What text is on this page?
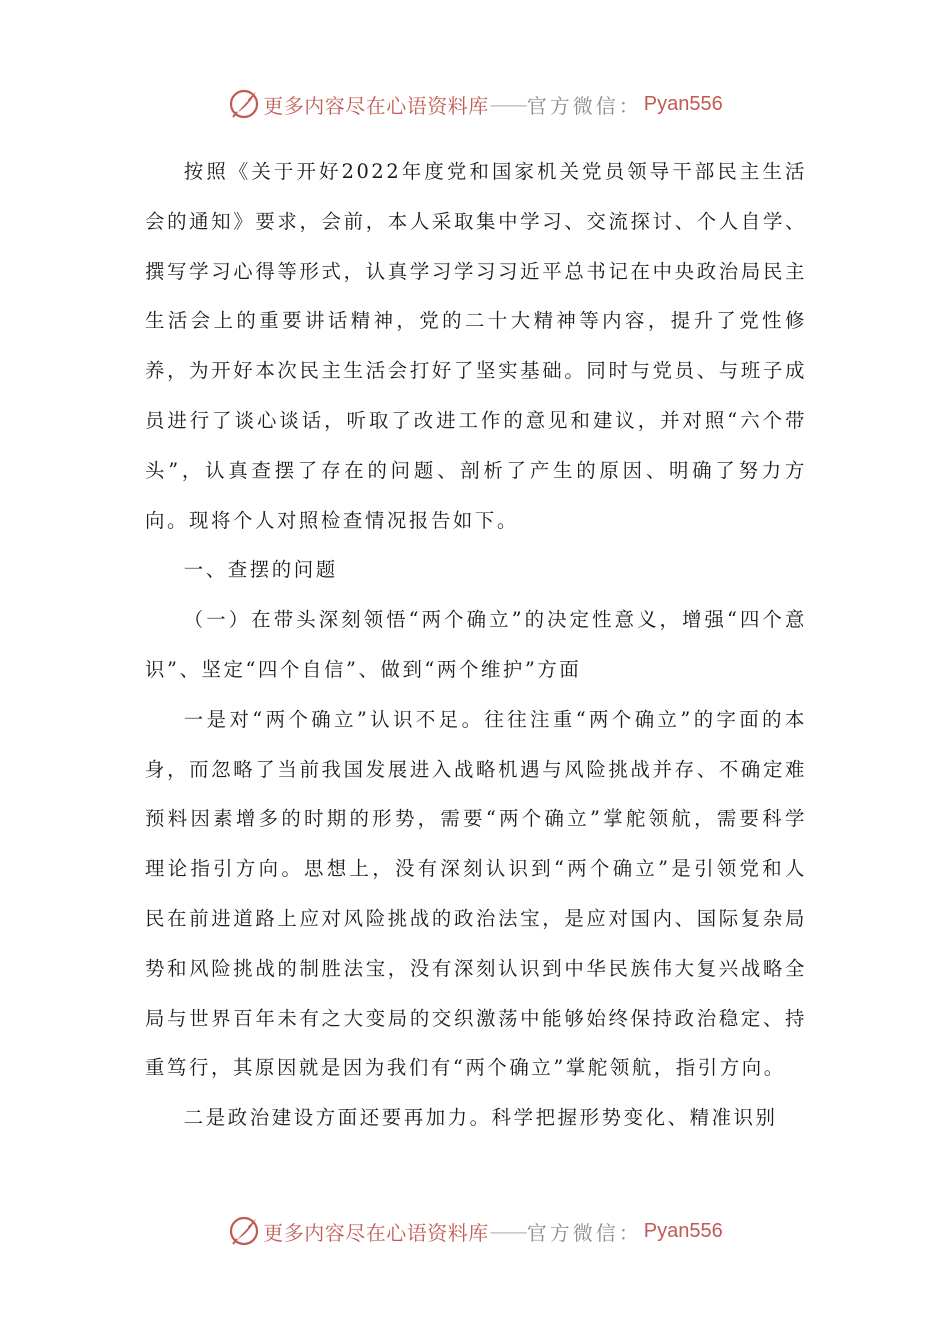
更多内容尽在心语资料库 —— 官方微信： Pyan556

按照《关于开好2022年度党和国家机关党员领导干部民主生活会的通知》要求，会前，本人采取集中学习、交流探讨、个人自学、撰写学习心得等形式，认真学习学习习近平总书记在中央政治局民主生活会上的重要讲话精神，党的二十大精神等内容，提升了党性修养，为开好本次民主生活会打好了坚实基础。同时与党员、与班子成员进行了谈心谈话，听取了改进工作的意见和建议，并对照“六个带头”，认真查摆了存在的问题、剖析了产生的原因、明确了努力方向。现将个人对照检查情况报告如下。

一、查摆的问题

（一）在带头深刻领悟“两个确立”的决定性意义，增强“四个意识”、坚定“四个自信”、做到“两个维护”方面

一是对“两个确立”认识不足。往往注重“两个确立”的字面的本身，而忽略了当前我国发展进入战略机遇与风险挑战并存、不确定难预料因素增多的时期的形势，需要“两个确立”掌舵领航，需要科学理论指引方向。思想上，没有深刻认识到“两个确立”是引领党和人民在前进道路上应对风险挑战的政治法宝，是应对国内、国际复杂局势和风险挑战的制胜法宝，没有深刻认识到中华民族伟大复兴战略全局与世界百年未有之大变局的交织激荡中能够始终保持政治稳定、持重笃行，其原因就是因为我们有“两个确立”掌舵领航，指引方向。

二是政治建设方面还要再加力。科学把握形势变化、精准识别

更多内容尽在心语资料库 —— 官方微信： Pyan556
